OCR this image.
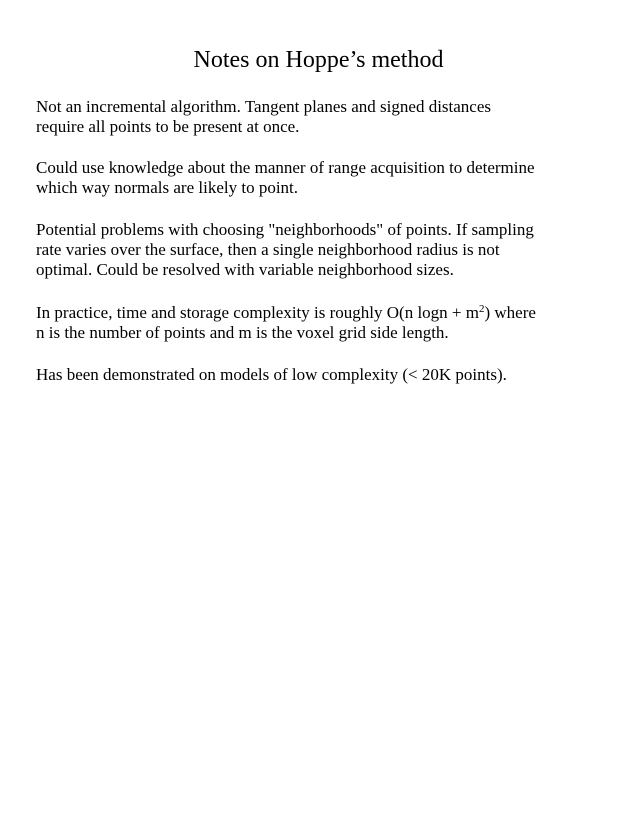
Notes on Hoppe’s method
Not an incremental algorithm. Tangent planes and signed distances
require all points to be present at once.
Could use knowledge about the manner of range acquisition to determine
which way normals are likely to point.
Potential problems with choosing "neighborhoods" of points. If sampling
rate varies over the surface, then a single neighborhood radius is not
optimal. Could be resolved with variable neighborhood sizes.
In practice, time and storage complexity is roughly O(n $\log n + m^2$) where
n is the number of points and m is the voxel grid side length.
Has been demonstrated on models of low complexity (< 20K points).
